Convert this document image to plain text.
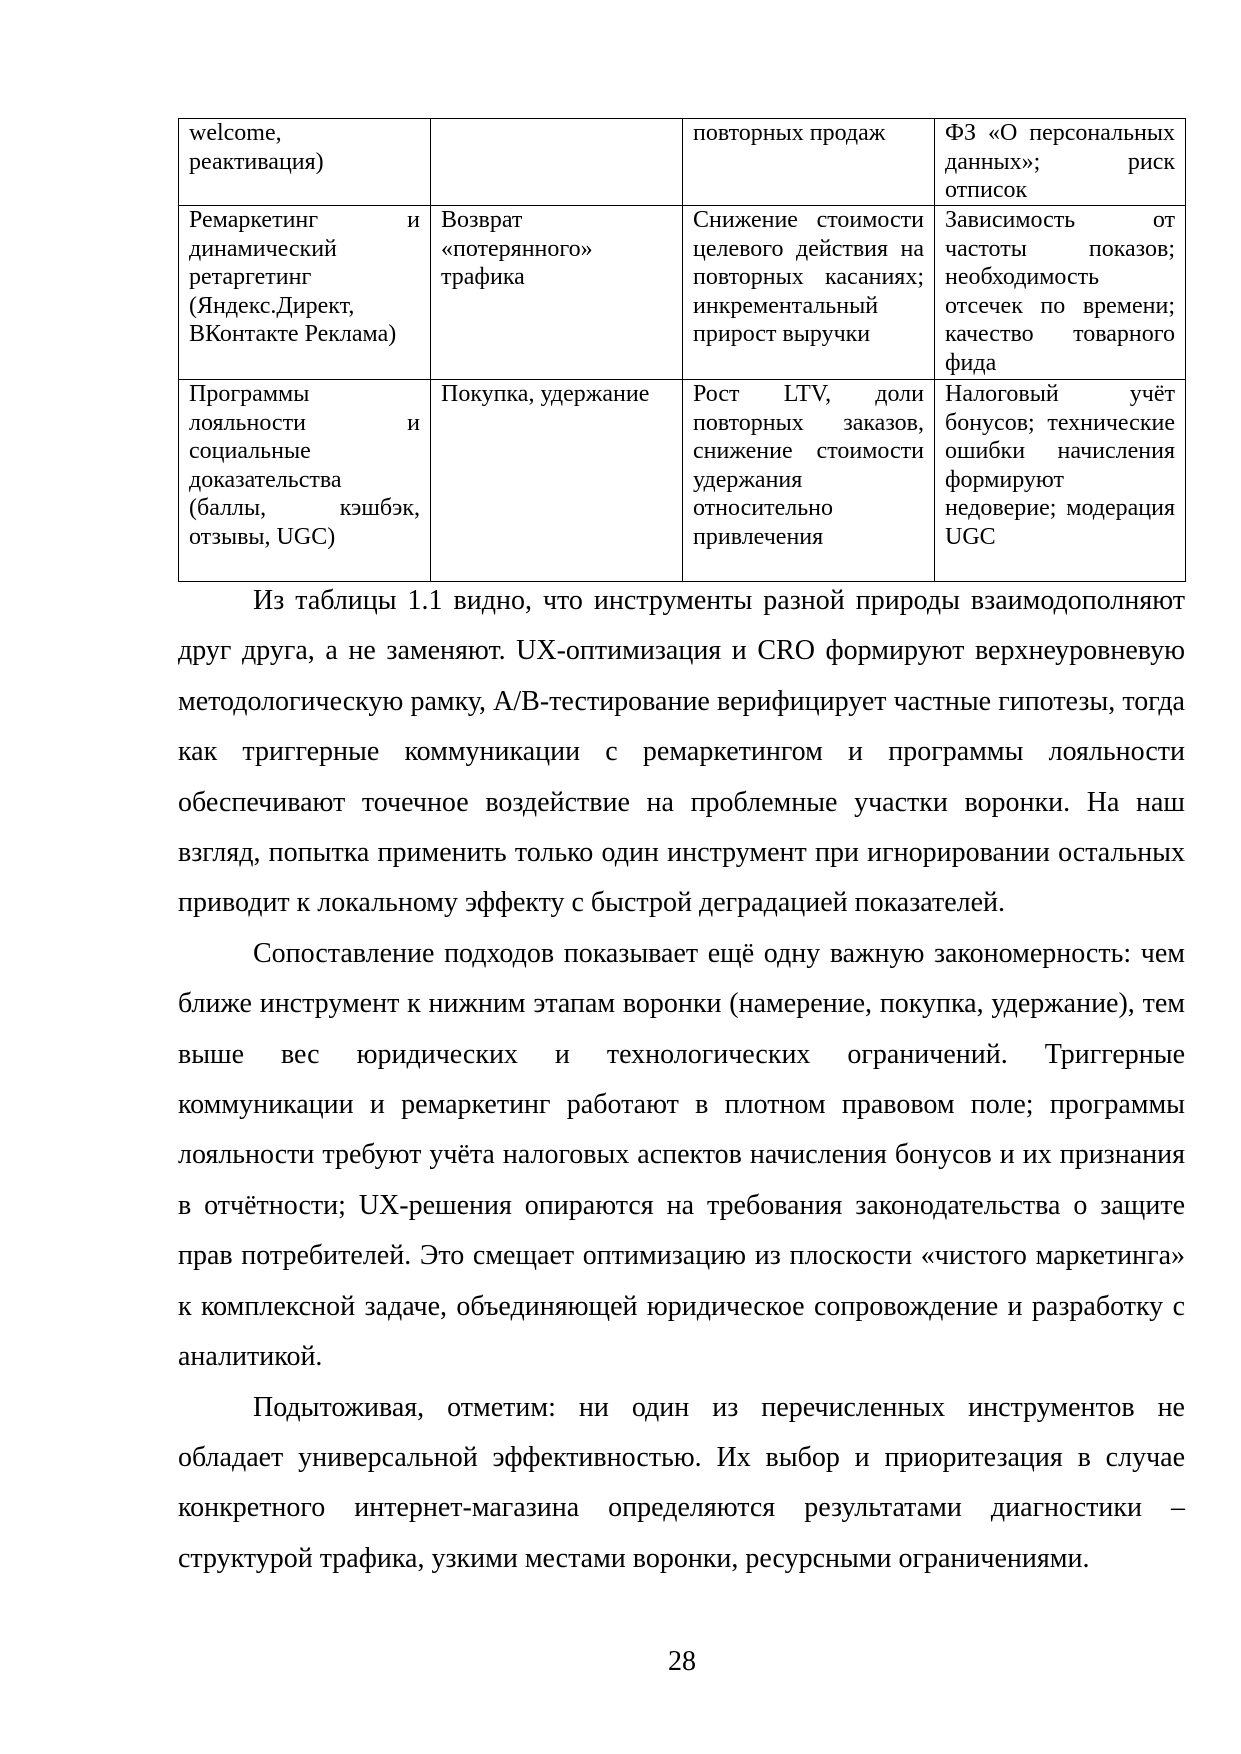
welcome, реактивация)		повторных продаж	ФЗ «О персональных данных»; риск отписок
Ремаркетинг и динамический ретаргетинг (Яндекс.Директ, ВКонтакте Реклама)	Возврат «потерянного» трафика	Снижение стоимости целевого действия на повторных касаниях; инкрементальный прирост выручки	Зависимость от частоты показов; необходимость отсечек по времени; качество товарного фида
Программы лояльности и социальные доказательства (баллы, кэшбэк, отзывы, UGC)	Покупка, удержание	Рост LTV, доли повторных заказов, снижение стоимости удержания относительно привлечения	Налоговый учёт бонусов; технические ошибки начисления формируют недоверие; модерация UGC

Из таблицы 1.1 видно, что инструменты разной природы взаимодополняют друг друга, а не заменяют. UX-оптимизация и CRO формируют верхнеуровневую методологическую рамку, A/B-тестирование верифицирует частные гипотезы, тогда как триггерные коммуникации с ремаркетингом и программы лояльности обеспечивают точечное воздействие на проблемные участки воронки. На наш взгляд, попытка применить только один инструмент при игнорировании остальных приводит к локальному эффекту с быстрой деградацией показателей.

Сопоставление подходов показывает ещё одну важную закономерность: чем ближе инструмент к нижним этапам воронки (намерение, покупка, удержание), тем выше вес юридических и технологических ограничений. Триггерные коммуникации и ремаркетинг работают в плотном правовом поле; программы лояльности требуют учёта налоговых аспектов начисления бонусов и их признания в отчётности; UX-решения опираются на требования законодательства о защите прав потребителей. Это смещает оптимизацию из плоскости «чистого маркетинга» к комплексной задаче, объединяющей юридическое сопровождение и разработку с аналитикой.

Подытоживая, отметим: ни один из перечисленных инструментов не обладает универсальной эффективностью. Их выбор и приоритезация в случае конкретного интернет-магазина определяются результатами диагностики – структурой трафика, узкими местами воронки, ресурсными ограничениями.

28
